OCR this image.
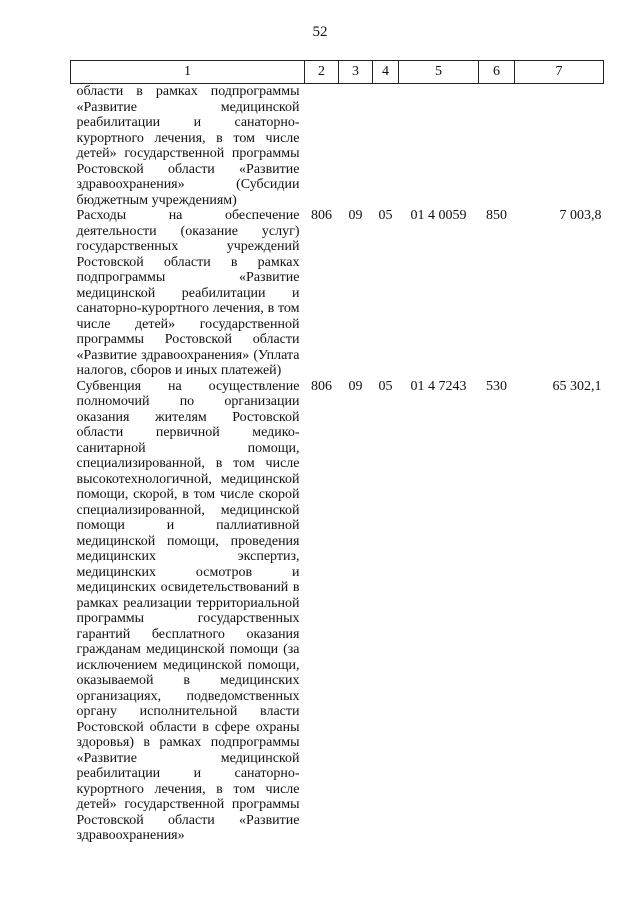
52
1	2	3	4	5	6	7
области в рамках подпрограммы «Развитие медицинской реабилитации и санаторно-курортного лечения, в том числе детей» государственной программы Ростовской области «Развитие здравоохранения» (Субсидии бюджетным учреждениям)						
Расходы на обеспечение деятельности (оказание услуг) государственных учреждений Ростовской области в рамках подпрограммы «Развитие медицинской реабилитации и санаторно-курортного лечения, в том числе детей» государственной программы Ростовской области «Развитие здравоохранения» (Уплата налогов, сборов и иных платежей)	806	09	05	01 4 0059	850	7 003,8
Субвенция на осуществление полномочий по организации оказания жителям Ростовской области первичной медико-санитарной помощи, специализированной, в том числе высокотехнологичной, медицинской помощи, скорой, в том числе скорой специализированной, медицинской помощи и паллиативной медицинской помощи, проведения медицинских экспертиз, медицинских осмотров и медицинских освидетельствований в рамках реализации территориальной программы государственных гарантий бесплатного оказания гражданам медицинской помощи (за исключением медицинской помощи, оказываемой в медицинских организациях, подведомственных органу исполнительной власти Ростовской области в сфере охраны здоровья) в рамках подпрограммы «Развитие медицинской реабилитации и санаторно-курортного лечения, в том числе детей» государственной программы Ростовской области «Развитие здравоохранения»	806	09	05	01 4 7243	530	65 302,1
